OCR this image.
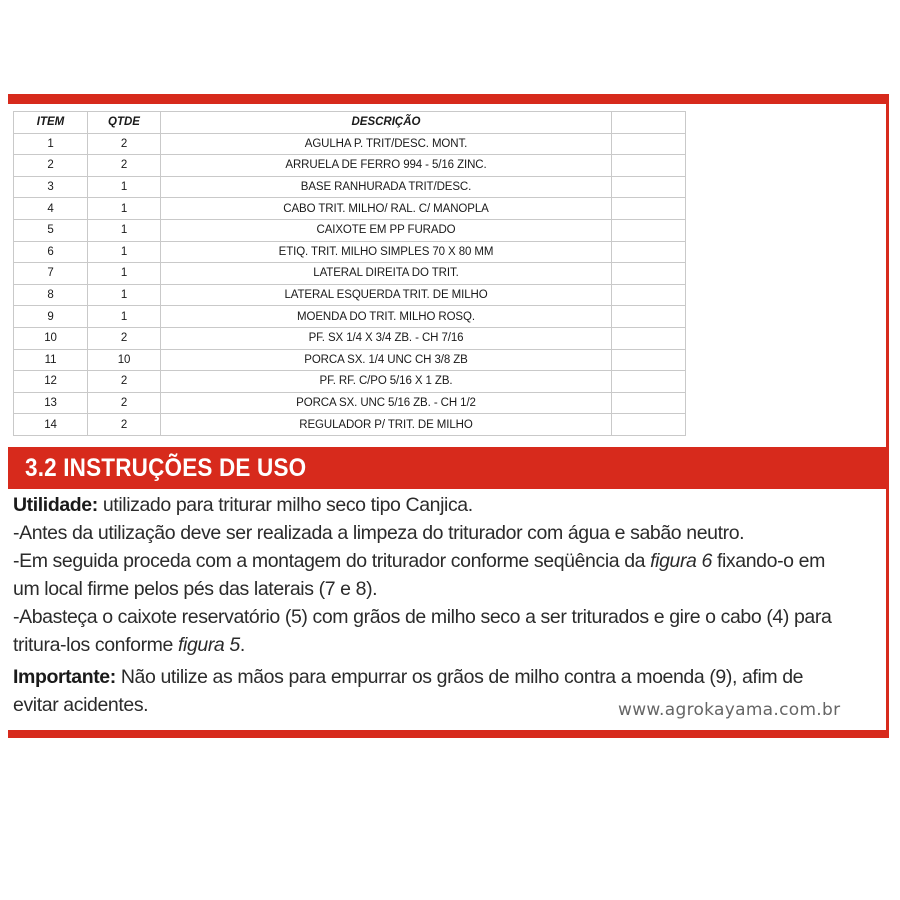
ITEM	QTDE	DESCRIÇÃO	
1	2	AGULHA P. TRIT/DESC. MONT.	
2	2	ARRUELA DE FERRO 994 - 5/16 ZINC.	
3	1	BASE RANHURADA TRIT/DESC.	
4	1	CABO TRIT. MILHO/ RAL. C/ MANOPLA	
5	1	CAIXOTE EM PP FURADO	
6	1	ETIQ. TRIT. MILHO SIMPLES 70 X 80 MM	
7	1	LATERAL DIREITA DO TRIT.	
8	1	LATERAL ESQUERDA TRIT. DE MILHO	
9	1	MOENDA DO TRIT. MILHO ROSQ.	
10	2	PF. SX 1/4 X 3/4 ZB. - CH 7/16	
11	10	PORCA SX. 1/4 UNC CH 3/8 ZB	
12	2	PF. RF. C/PO 5/16 X 1 ZB.	
13	2	PORCA SX. UNC 5/16 ZB. - CH 1/2	
14	2	REGULADOR P/ TRIT. DE MILHO	
3.2 INSTRUÇÕES DE USO

Utilidade: utilizado para triturar milho seco tipo Canjica.

-Antes da utilização deve ser realizada a limpeza do triturador com água e sabão neutro.

-Em seguida proceda com a montagem do triturador conforme seqüência da figura 6 fixando-o em um local firme pelos pés das laterais (7 e 8).

-Abasteça o caixote reservatório (5) com grãos de milho seco a ser triturados e gire o cabo (4) para tritura-los conforme figura 5.

Importante: Não utilize as mãos para empurrar os grãos de milho contra a moenda (9), afim de evitar acidentes.	www.agrokayama.com.br
